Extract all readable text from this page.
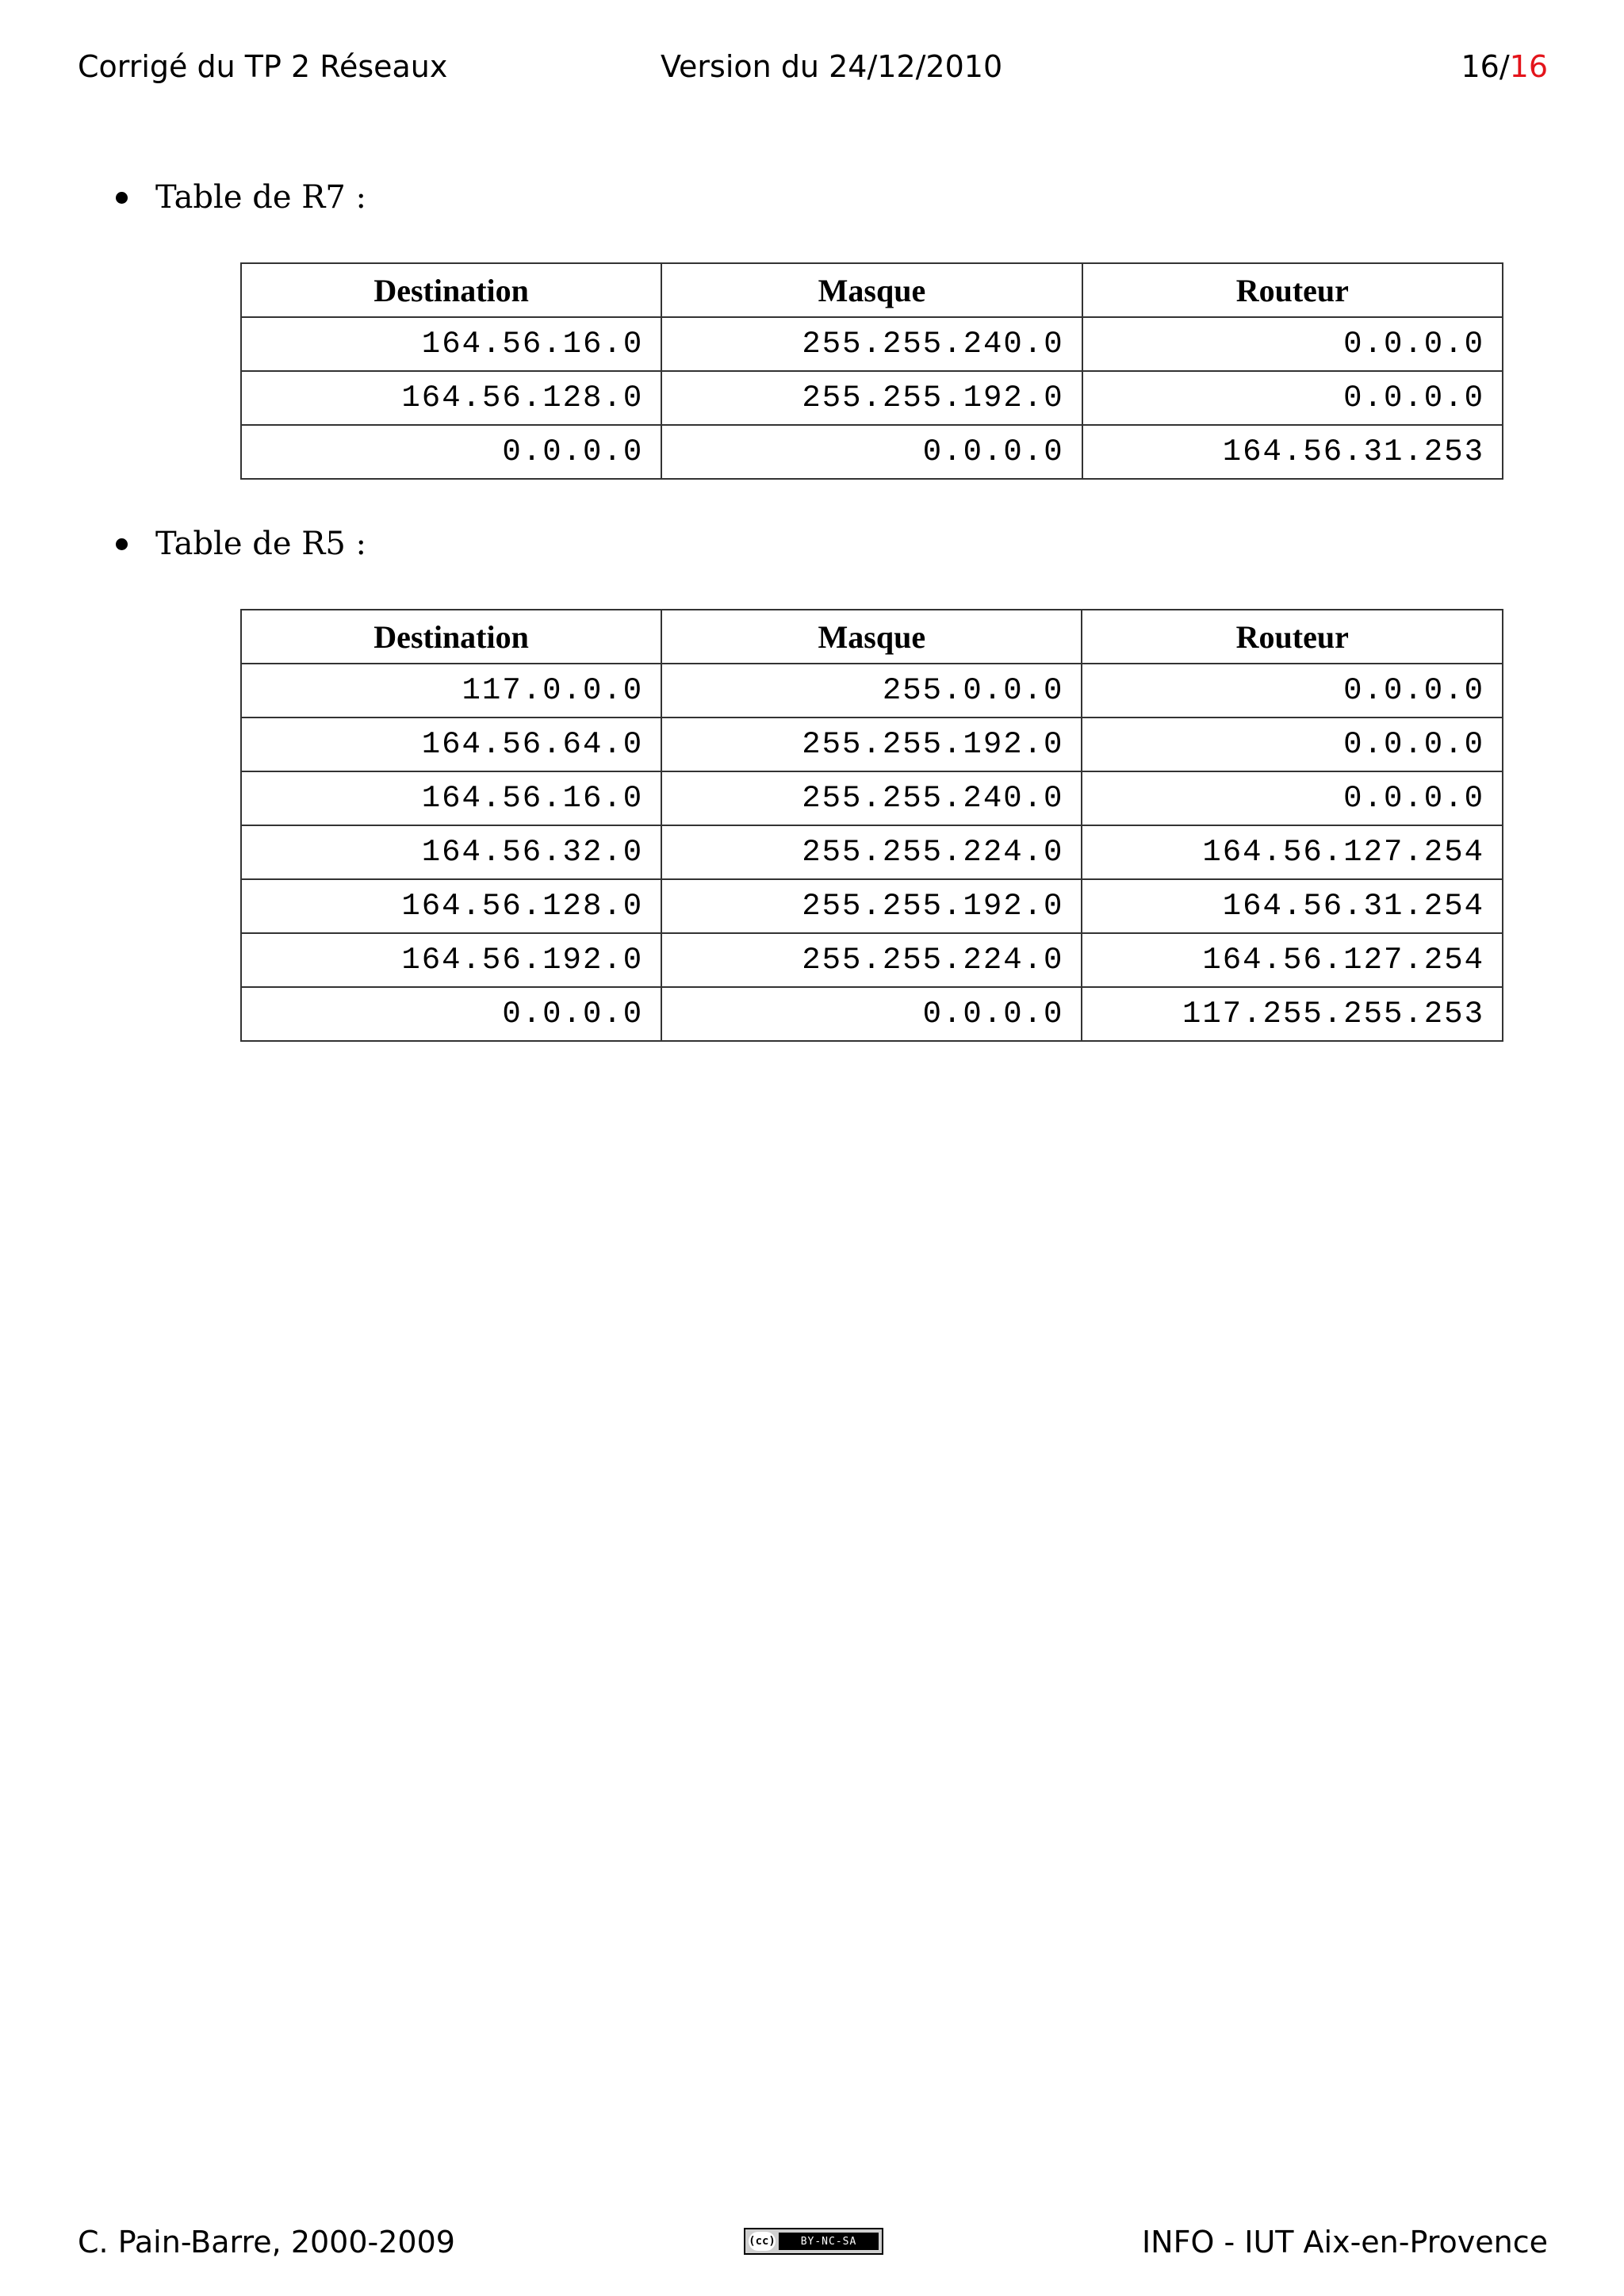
Corrigé du TP 2 Réseaux	Version du 24/12/2010	16/16
Table de R7 :
Destination	Masque	Routeur
164.56.16.0	255.255.240.0	0.0.0.0
164.56.128.0	255.255.192.0	0.0.0.0
0.0.0.0	0.0.0.0	164.56.31.253
Table de R5 :
Destination	Masque	Routeur
117.0.0.0	255.0.0.0	0.0.0.0
164.56.64.0	255.255.192.0	0.0.0.0
164.56.16.0	255.255.240.0	0.0.0.0
164.56.32.0	255.255.224.0	164.56.127.254
164.56.128.0	255.255.192.0	164.56.31.254
164.56.192.0	255.255.224.0	164.56.127.254
0.0.0.0	0.0.0.0	117.255.255.253
C. Pain-Barre, 2000-2009	(cc)	BY-NC-SA	INFO - IUT Aix-en-Provence
